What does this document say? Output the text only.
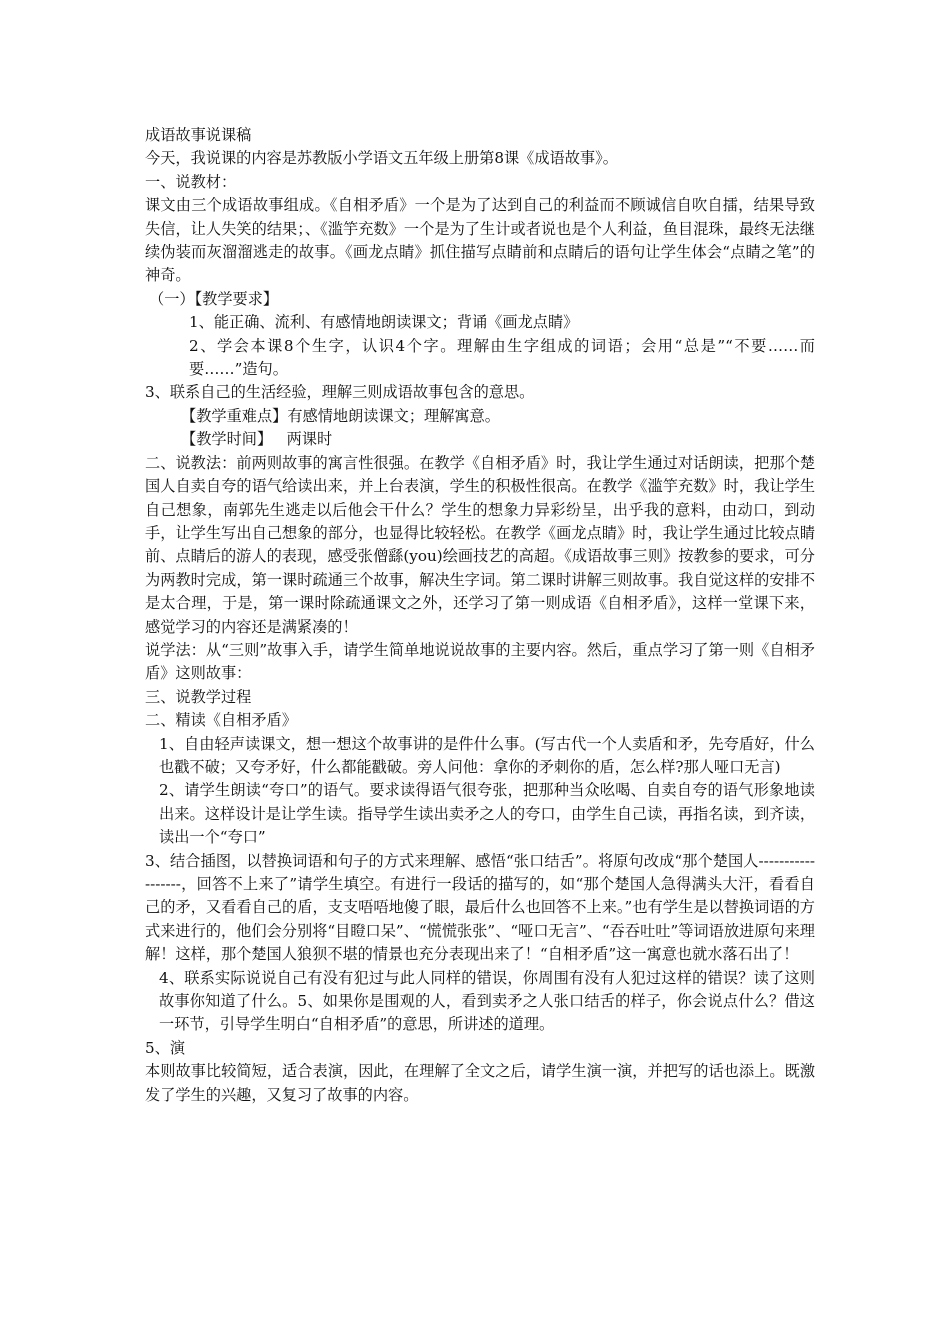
成语故事说课稿

今天，我说课的内容是苏教版小学语文五年级上册第8课《成语故事》。

一、说教材：

课文由三个成语故事组成。《自相矛盾》一个是为了达到自己的利益而不顾诚信自吹自擂，结果导致失信，让人失笑的结果；、《滥竽充数》一个是为了生计或者说也是个人利益，鱼目混珠，最终无法继续伪装而灰溜溜逃走的故事。《画龙点睛》抓住描写点睛前和点睛后的语句让学生体会“点睛之笔”的神奇。

（一）【教学要求】

1、能正确、流利、有感情地朗读课文；背诵《画龙点睛》

2、学会本课8个生字，认识4个字。理解由生字组成的词语；会用“总是”“不要……而要……”造句。

3、联系自己的生活经验，理解三则成语故事包含的意思。

【教学重难点】有感情地朗读课文；理解寓意。

【教学时间】   两课时

二、说教法：前两则故事的寓言性很强。在教学《自相矛盾》时，我让学生通过对话朗读，把那个楚国人自卖自夸的语气给读出来，并上台表演，学生的积极性很高。在教学《滥竽充数》时，我让学生自己想象，南郭先生逃走以后他会干什么？学生的想象力异彩纷呈，出乎我的意料，由动口，到动手，让学生写出自己想象的部分，也显得比较轻松。在教学《画龙点睛》时，我让学生通过比较点睛前、点睛后的游人的表现，感受张僧繇(you)绘画技艺的高超。《成语故事三则》按教参的要求，可分为两教时完成，第一课时疏通三个故事，解决生字词。第二课时讲解三则故事。我自觉这样的安排不是太合理，于是，第一课时除疏通课文之外，还学习了第一则成语《自相矛盾》，这样一堂课下来，感觉学习的内容还是满紧凑的！

说学法：从“三则”故事入手，请学生简单地说说故事的主要内容。然后，重点学习了第一则《自相矛盾》这则故事：

三、说教学过程

二、精读《自相矛盾》

1、自由轻声读课文，想一想这个故事讲的是件什么事。(写古代一个人卖盾和矛，先夸盾好，什么也戳不破；又夸矛好，什么都能戳破。旁人问他：拿你的矛刺你的盾，怎么样?那人哑口无言)

2、请学生朗读“夸口”的语气。要求读得语气很夸张，把那种当众吆喝、自卖自夸的语气形象地读出来。这样设计是让学生读。指导学生读出卖矛之人的夸口，由学生自己读，再指名读，到齐读，读出一个“夸口”

3、结合插图，以替换词语和句子的方式来理解、感悟“张口结舌”。将原句改成“那个楚国人------------------，回答不上来了”请学生填空。有进行一段话的描写的，如“那个楚国人急得满头大汗，看看自己的矛，又看看自己的盾，支支唔唔地傻了眼，最后什么也回答不上来。”也有学生是以替换词语的方式来进行的，他们会分别将“目瞪口呆”、“慌慌张张”、“哑口无言”、“吞吞吐吐”等词语放进原句来理解！这样，那个楚国人狼狈不堪的情景也充分表现出来了！“自相矛盾”这一寓意也就水落石出了！

4、联系实际说说自己有没有犯过与此人同样的错误，你周围有没有人犯过这样的错误？读了这则故事你知道了什么。5、如果你是围观的人，看到卖矛之人张口结舌的样子，你会说点什么？借这一环节，引导学生明白“自相矛盾”的意思，所讲述的道理。

5、演

本则故事比较简短，适合表演，因此，在理解了全文之后，请学生演一演，并把写的话也添上。既激发了学生的兴趣，又复习了故事的内容。
